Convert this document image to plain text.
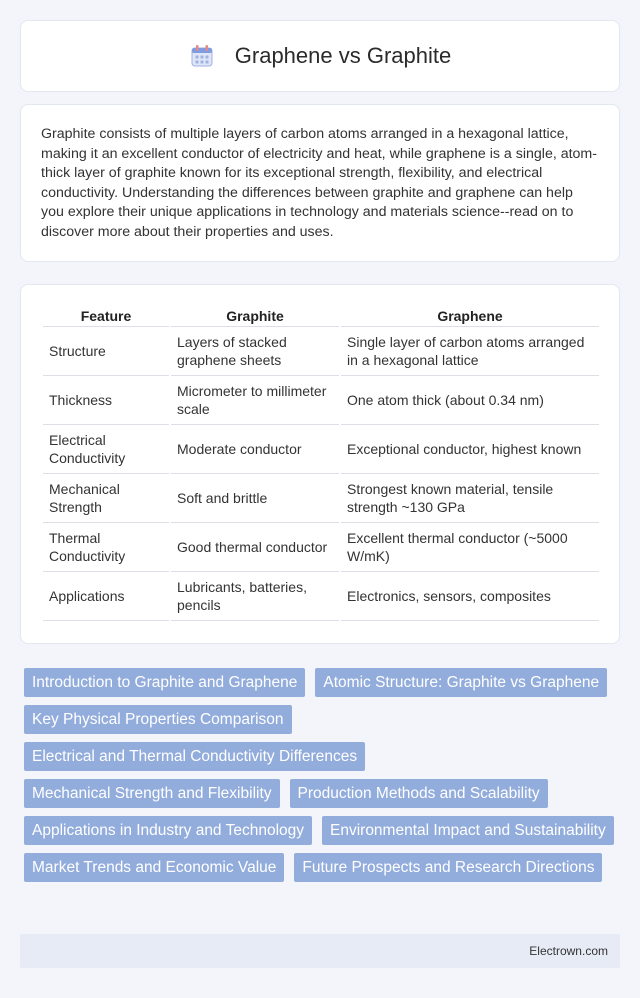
Graphene vs Graphite

Graphite consists of multiple layers of carbon atoms arranged in a hexagonal lattice, making it an excellent conductor of electricity and heat, while graphene is a single, atom-thick layer of graphite known for its exceptional strength, flexibility, and electrical conductivity. Understanding the differences between graphite and graphene can help you explore their unique applications in technology and materials science--read on to discover more about their properties and uses.

Feature	Graphite	Graphene
Structure	Layers of stacked graphene sheets	Single layer of carbon atoms arranged in a hexagonal lattice
Thickness	Micrometer to millimeter scale	One atom thick (about 0.34 nm)
Electrical Conductivity	Moderate conductor	Exceptional conductor, highest known
Mechanical Strength	Soft and brittle	Strongest known material, tensile strength ~130 GPa
Thermal Conductivity	Good thermal conductor	Excellent thermal conductor (~5000 W/mK)
Applications	Lubricants, batteries, pencils	Electronics, sensors, composites
Introduction to Graphite and Graphene	Atomic Structure: Graphite vs Graphene
Key Physical Properties Comparison
Electrical and Thermal Conductivity Differences
Mechanical Strength and Flexibility	Production Methods and Scalability
Applications in Industry and Technology	Environmental Impact and Sustainability
Market Trends and Economic Value	Future Prospects and Research Directions
Electrown.com
